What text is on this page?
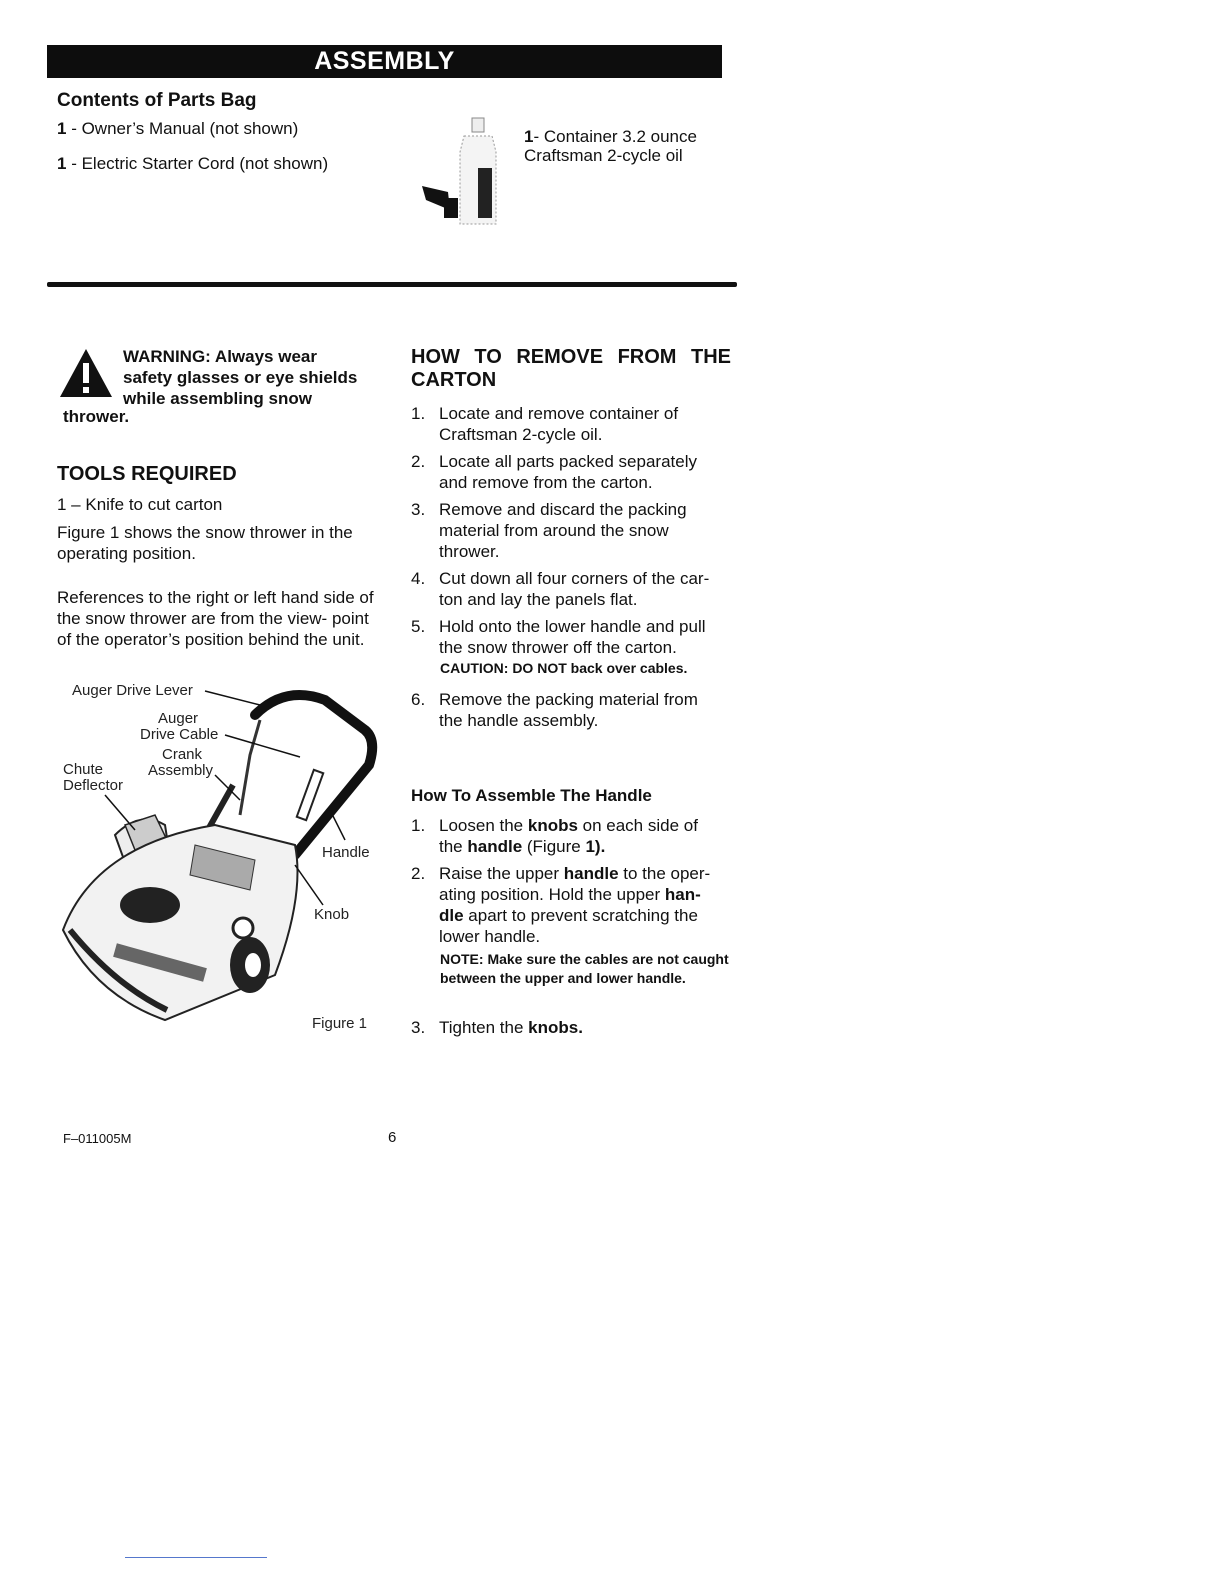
ASSEMBLY
Contents of Parts Bag
1 - Owner’s Manual (not shown)
1 - Electric Starter Cord (not shown)
1- Container 3.2 ounce
Craftsman 2-cycle oil
WARNING: Always wear
safety glasses or eye shields
while assembling snow
thrower.
TOOLS REQUIRED
1 – Knife to cut carton
Figure 1 shows the snow thrower in the operating position.
References to the right or left hand side of the snow thrower are from the view- point of the operator’s position behind the unit.
Auger Drive Lever
Auger
Drive Cable
Crank
Assembly
Chute
Deflector
Handle
Knob
Figure 1
HOW TO REMOVE FROM THE CARTON
1. Locate and remove container of Craftsman 2-cycle oil.
2. Locate all parts packed separately and remove from the carton.
3. Remove and discard the packing material from around the snow thrower.
4. Cut down all four corners of the car- ton and lay the panels flat.
5. Hold onto the lower handle and pull the snow thrower off the carton.
CAUTION: DO NOT back over cables.
6. Remove the packing material from the handle assembly.
How To Assemble The Handle
1. Loosen the knobs on each side of the handle (Figure 1).
2. Raise the upper handle to the oper- ating position. Hold the upper han- dle apart to prevent scratching the lower handle.
NOTE: Make sure the cables are not caught between the upper and lower handle.
3. Tighten the knobs.
F–011005M	6
